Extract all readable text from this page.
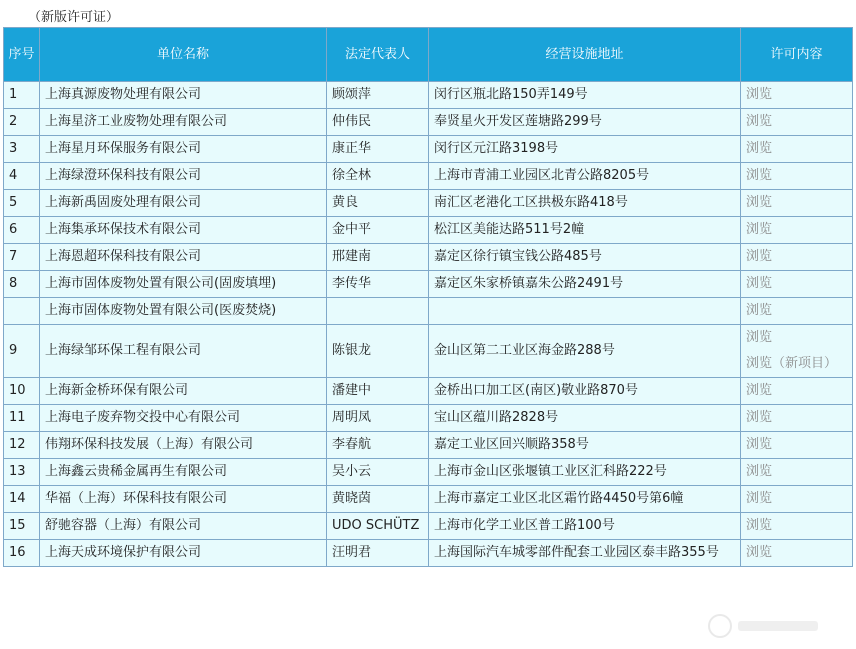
（新版许可证）
序号	单位名称	法定代表人	经营设施地址	许可内容
1	上海真源废物处理有限公司	顾颂萍	闵行区瓶北路150弄149号	浏览
2	上海星济工业废物处理有限公司	仲伟民	奉贤星火开发区莲塘路299号	浏览
3	上海星月环保服务有限公司	康正华	闵行区元江路3198号	浏览
4	上海绿澄环保科技有限公司	徐全林	上海市青浦工业园区北青公路8205号	浏览
5	上海新禹固废处理有限公司	黄良	南汇区老港化工区拱极东路418号	浏览
6	上海集承环保技术有限公司	金中平	松江区美能达路511号2幢	浏览
7	上海恩超环保科技有限公司	邢建南	嘉定区徐行镇宝钱公路485号	浏览
8	上海市固体废物处置有限公司(固废填埋)	李传华	嘉定区朱家桥镇嘉朱公路2491号	浏览
	上海市固体废物处置有限公司(医废焚烧)			浏览
9	上海绿邹环保工程有限公司	陈银龙	金山区第二工业区海金路288号	浏览
浏览（新项目）
10	上海新金桥环保有限公司	潘建中	金桥出口加工区(南区)敬业路870号	浏览
11	上海电子废弃物交投中心有限公司	周明凤	宝山区蕴川路2828号	浏览
12	伟翔环保科技发展（上海）有限公司	李春航	嘉定工业区回兴顺路358号	浏览
13	上海鑫云贵稀金属再生有限公司	吴小云	上海市金山区张堰镇工业区汇科路222号	浏览
14	华福（上海）环保科技有限公司	黄晓茵	上海市嘉定工业区北区霜竹路4450号第6幢	浏览
15	舒驰容器（上海）有限公司	UDO SCHÜTZ	上海市化学工业区普工路100号	浏览
16	上海天成环境保护有限公司	汪明君	上海国际汽车城零部件配套工业园区泰丰路355号	浏览
